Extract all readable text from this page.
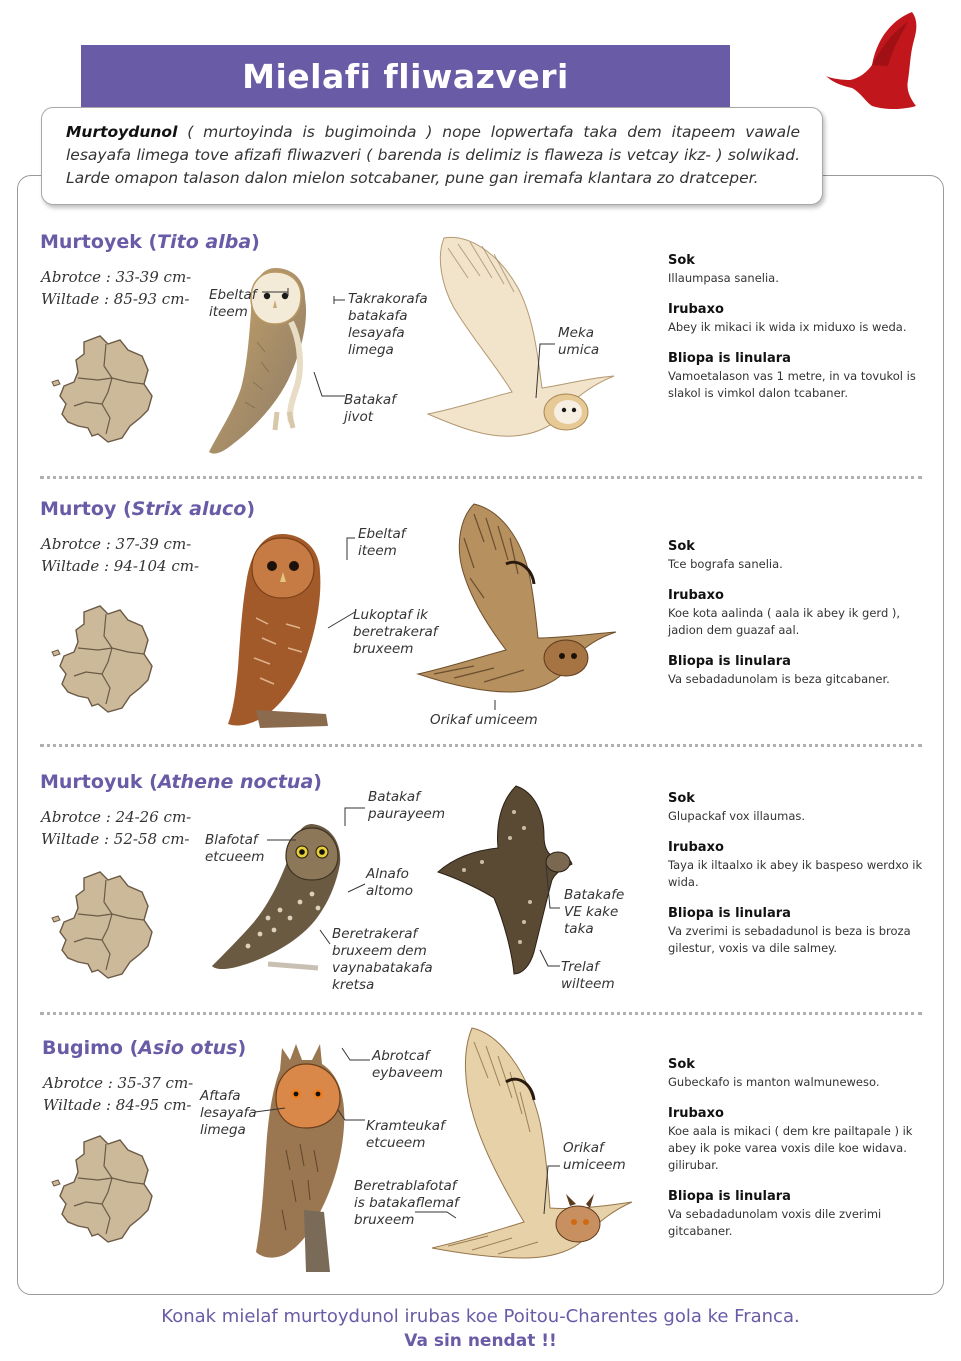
Mielafi fliwazveri
Murtoydunol ( murtoyinda is bugimoinda ) nope lopwertafa taka dem itapeem vawale lesayafa limega tove afizafi fliwazveri ( barenda is delimiz is flaweza is vetcay ikz- ) solwikad. Larde omapon talason dalon mielon sotcabaner, pune gan iremafa klantara zo dratceper.
Murtoyek (Tito alba)
Abrotce : 33-39 cm-
Wiltade : 85-93 cm-
Murtoy (Strix aluco)
Abrotce : 37-39 cm-
Wiltade : 94-104 cm-
Murtoyuk (Athene noctua)
Abrotce : 24-26 cm-
Wiltade : 52-58 cm-
Bugimo (Asio otus)
Abrotce : 35-37 cm-
Wiltade : 84-95 cm-
Ebeltaf
iteem
Takrakorafa
batakafa
lesayafa
limega
Batakaf
jivot
Meka
umica
Ebeltaf
iteem
Lukoptaf ik
beretrakeraf
bruxeem
Orikaf umiceem
Batakaf
paurayeem
Blafotaf
etcueem
Alnafo
altomo
Beretrakeraf
bruxeem dem
vaynabatakafa
kretsa
Batakafe
VE kake
taka
Trelaf
wilteem
Abrotcaf
eybaveem
Aftafa
lesayafa
limega	Kramteukaf
etcueem
Beretrablafotaf
is batakaflemaf
bruxeem
Orikaf
umiceem
Sok
Illaumpasa sanelia.
Irubaxo
Abey ik mikaci ik wida ix miduxo is weda.
Bliopa is linulara
Vamoetalason vas 1 metre, in va tovukol is slakol is vimkol dalon tcabaner.
Sok
Tce bografa sanelia.
Irubaxo
Koe kota aalinda ( aala ik abey ik gerd ), jadion dem guazaf aal.
Bliopa is linulara
Va sebadadunolam is beza gitcabaner.
Sok
Glupackaf vox illaumas.
Irubaxo
Taya ik iltaalxo ik abey ik baspeso werdxo ik wida.
Bliopa is linulara
Va zverimi is sebadadunol is beza is broza gilestur, voxis va dile salmey.
Sok
Gubeckafo is manton walmuneweso.
Irubaxo
Koe aala is mikaci ( dem kre pailtapale ) ik abey ik poke varea voxis dile koe widava. gilirubar.
Bliopa is linulara
Va sebadadunolam voxis dile zverimi gitcabaner.
Konak mielaf murtoydunol irubas koe Poitou-Charentes gola ke Franca.
Va sin nendat !!
